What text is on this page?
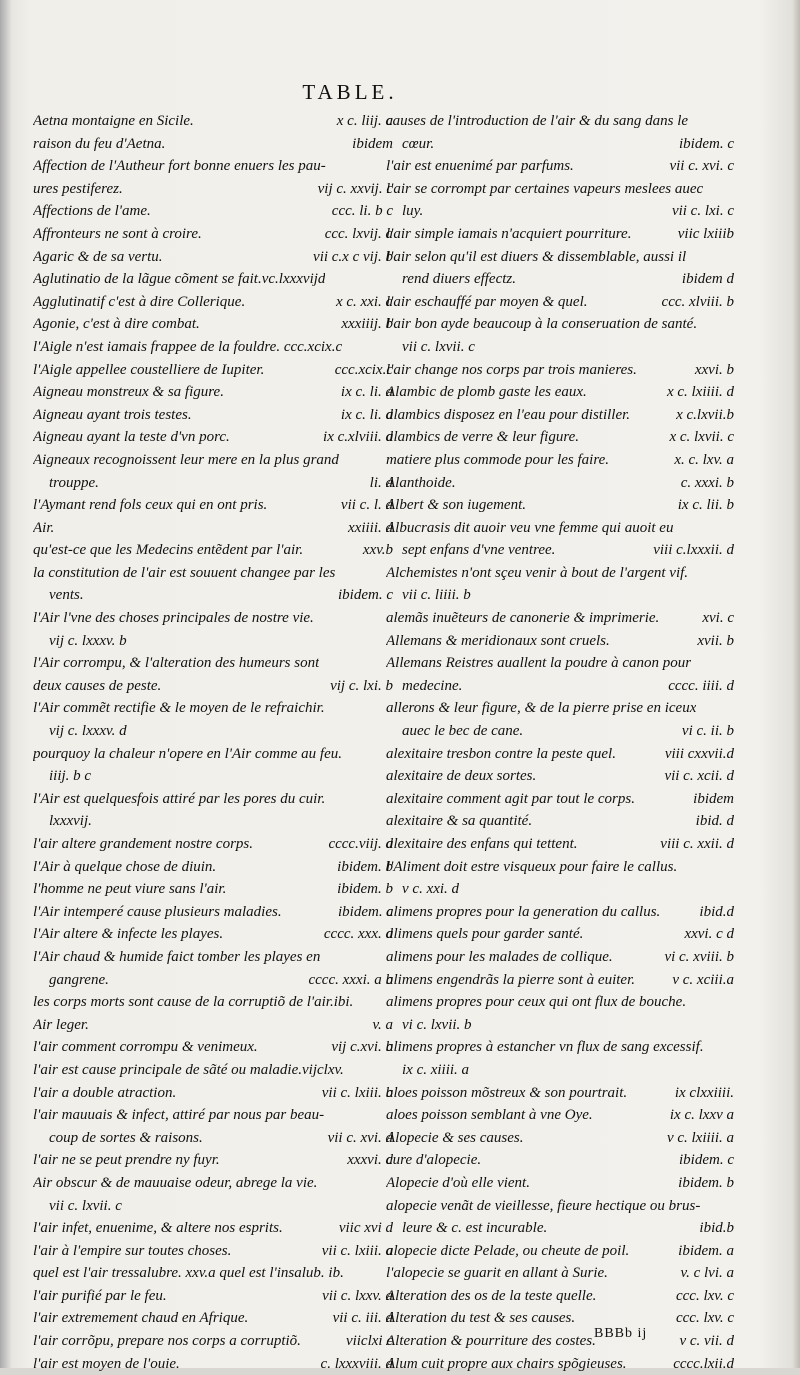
TABLE.
Aetna montaigne en Sicile.	x c. liij. a
raison du feu d'Aetna.	ibidem
Affection de l'Autheur fort bonne enuers les pau-
ures pestiferez.	vij c. xxvij. c
Affections de l'ame.	ccc. li. b c
Affronteurs ne sont à croire.	ccc. lxvij. a
Agaric & de sa vertu.	vii c.x c vij. b
Aglutinatio de la lãgue cõment se fait.vc.lxxxvijd
Agglutinatif c'est à dire Collerique.	x c. xxi. a
Agonie, c'est à dire combat.	xxxiiij. b
l'Aigle n'est iamais frappee de la fouldre. ccc.xcix.c
l'Aigle appellee coustelliere de Iupiter.	ccc.xcix.c
Aigneau monstreux & sa figure.	ix c. li. a
Aigneau ayant trois testes.	ix c. li. d
Aigneau ayant la teste d'vn porc.	ix c.xlviii. d
Aigneaux recognoissent leur mere en la plus grand
trouppe.	li. d
l'Aymant rend fols ceux qui en ont pris.	vii c. l. d
Air.	xxiiii. d
qu'est-ce que les Medecins entẽdent par l'air.	xxv.b
la constitution de l'air est souuent changee par les
vents.	ibidem. c
l'Air l'vne des choses principales de nostre vie.
vij c. lxxxv. b
l'Air corrompu, & l'alteration des humeurs sont
deux causes de peste.	vij c. lxi. b
l'Air commẽt rectifie & le moyen de le refraichir.
vij c. lxxxv. d
pourquoy la chaleur n'opere en l'Air comme au feu.
iiij. b c
l'Air est quelquesfois attiré par les pores du cuir.
lxxxvij.
l'air altere grandement nostre corps.	cccc.viij. d
l'Air à quelque chose de diuin.	ibidem. b
l'homme ne peut viure sans l'air.	ibidem. b
l'Air intemperé cause plusieurs maladies.	ibidem. c
l'Air altere & infecte les playes.	cccc. xxx. d
l'Air chaud & humide faict tomber les playes en
gangrene.	cccc. xxxi. a b
les corps morts sont cause de la corruptiõ de l'air.ibi.
Air leger.	v. a
l'air comment corrompu & venimeux.	vij c.xvi. b
l'air est cause principale de sãté ou maladie.vijclxv.
l'air a double atraction.	vii c. lxiii. b
l'air mauuais & infect, attiré par nous par beau-
coup de sortes & raisons.	vii c. xvi. d
l'air ne se peut prendre ny fuyr.	xxxvi. d
Air obscur & de mauuaise odeur, abrege la vie.
vii c. lxvii. c
l'air infet, enuenime, & altere nos esprits.	viic xvi d
l'air à l'empire sur toutes choses.	vii c. lxiii. a
quel est l'air tressalubre. xxv.a quel est l'insalub. ib.
l'air purifié par le feu.	vii c. lxxv. a
l'air extremement chaud en Afrique.	vii c. iii. d
l'air corrõpu, prepare nos corps a corruptiõ.	viiclxi c
l'air est moyen de l'ouie.	c. lxxxviii. d
causes de l'introduction de l'air & du sang dans le
cœur.	ibidem. c
l'air est enuenimé par parfums.	vii c. xvi. c
l'air se corrompt par certaines vapeurs meslees auec
luy.	vii c. lxi. c
l'air simple iamais n'acquiert pourriture.	viic lxiiib
l'air selon qu'il est diuers & dissemblable, aussi il
rend diuers effectz.	ibidem d
l'air eschauffé par moyen & quel.	ccc. xlviii. b
l'air bon ayde beaucoup à la conseruation de santé.
vii c. lxvii. c
l'air change nos corps par trois manieres.	xxvi. b
Alambic de plomb gaste les eaux.	x c. lxiiii. d
alambics disposez en l'eau pour distiller.	x c.lxvii.b
alambics de verre & leur figure.	x c. lxvii. c
matiere plus commode pour les faire.	x. c. lxv. a
Alanthoide.	c. xxxi. b
Albert & son iugement.	ix c. lii. b
Albucrasis dit auoir veu vne femme qui auoit eu
sept enfans d'vne ventree.	viii c.lxxxii. d
Alchemistes n'ont sçeu venir à bout de l'argent vif.
vii c. liiii. b
alemãs inuẽteurs de canonerie & imprimerie.	xvi. c
Allemans & meridionaux sont cruels.	xvii. b
Allemans Reistres auallent la poudre à canon pour
medecine.	cccc. iiii. d
allerons & leur figure, & de la pierre prise en iceux
auec le bec de cane.	vi c. ii. b
alexitaire tresbon contre la peste quel.	viii cxxvii.d
alexitaire de deux sortes.	vii c. xcii. d
alexitaire comment agit par tout le corps.	ibidem
alexitaire & sa quantité.	ibid. d
alexitaire des enfans qui tettent.	viii c. xxii. d
l'Aliment doit estre visqueux pour faire le callus.
v c. xxi. d
alimens propres pour la generation du callus.	ibid.d
alimens quels pour garder santé.	xxvi. c d
alimens pour les malades de collique.	vi c. xviii. b
alimens engendrãs la pierre sont à euiter.	v c. xciii.a
alimens propres pour ceux qui ont flux de bouche.
vi c. lxvii. b
alimens propres à estancher vn flux de sang excessif.
ix c. xiiii. a
aloes poisson mõstreux & son pourtrait.	ix clxxiiii.
aloes poisson semblant à vne Oye.	ix c. lxxv a
Alopecie & ses causes.	v c. lxiiii. a
cure d'alopecie.	ibidem. c
Alopecie d'où elle vient.	ibidem. b
alopecie venãt de vieillesse, fieure hectique ou brus-
leure & c. est incurable.	ibid.b
alopecie dicte Pelade, ou cheute de poil.	ibidem. a
l'alopecie se guarit en allant à Surie.	v. c lvi. a
Alteration des os de la teste quelle.	ccc. lxv. c
Alteration du test & ses causes.	ccc. lxv. c
Alteration & pourriture des costes.	v c. vii. d
Alum cuit propre aux chairs spõgieuses.	cccc.lxii.d
BBBb ij
